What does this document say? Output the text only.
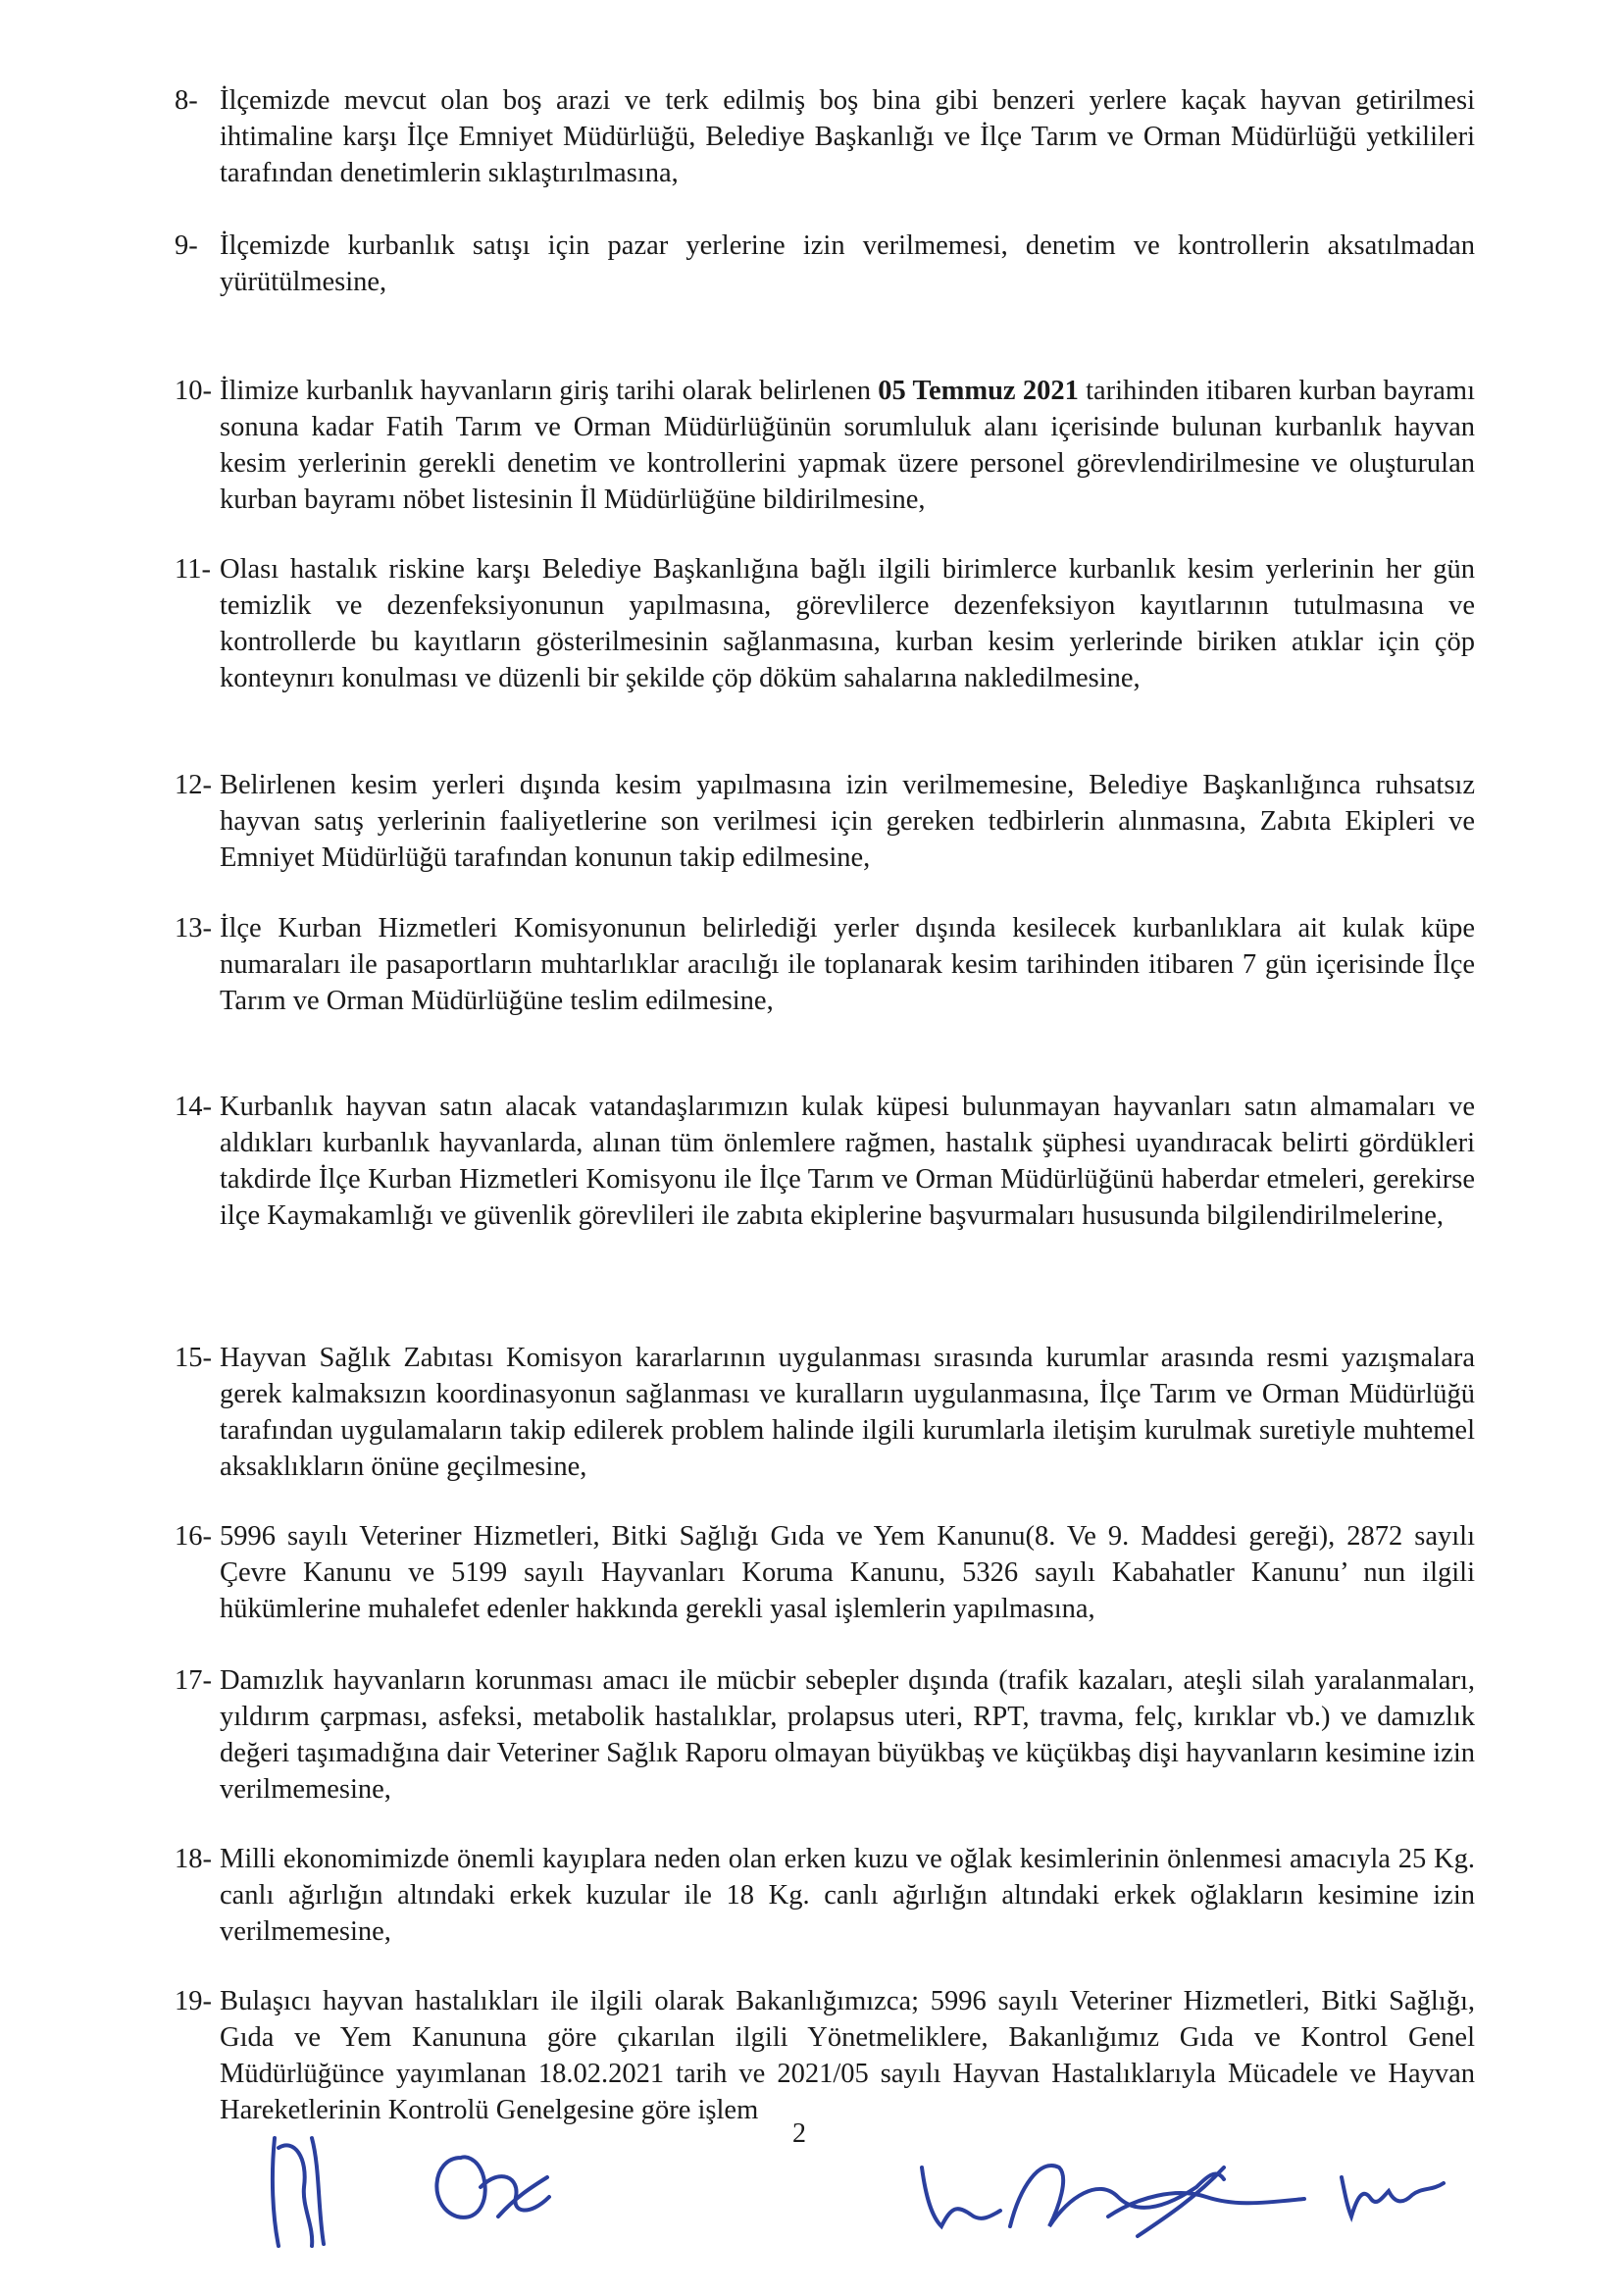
8- İlçemizde mevcut olan boş arazi ve terk edilmiş boş bina gibi benzeri yerlere kaçak hayvan getirilmesi ihtimaline karşı İlçe Emniyet Müdürlüğü, Belediye Başkanlığı ve İlçe Tarım ve Orman Müdürlüğü yetkilileri tarafından denetimlerin sıklaştırılmasına,
9- İlçemizde kurbanlık satışı için pazar yerlerine izin verilmemesi, denetim ve kontrollerin aksatılmadan yürütülmesine,
10- İlimize kurbanlık hayvanların giriş tarihi olarak belirlenen 05 Temmuz 2021 tarihinden itibaren kurban bayramı sonuna kadar Fatih Tarım ve Orman Müdürlüğünün sorumluluk alanı içerisinde bulunan kurbanlık hayvan kesim yerlerinin gerekli denetim ve kontrollerini yapmak üzere personel görevlendirilmesine ve oluşturulan kurban bayramı nöbet listesinin İl Müdürlüğüne bildirilmesine,
11- Olası hastalık riskine karşı Belediye Başkanlığına bağlı ilgili birimlerce kurbanlık kesim yerlerinin her gün temizlik ve dezenfeksiyonunun yapılmasına, görevlilerce dezenfeksiyon kayıtlarının tutulmasına ve kontrollerde bu kayıtların gösterilmesinin sağlanmasına, kurban kesim yerlerinde biriken atıklar için çöp konteynırı konulması ve düzenli bir şekilde çöp döküm sahalarına nakledilmesine,
12- Belirlenen kesim yerleri dışında kesim yapılmasına izin verilmemesine, Belediye Başkanlığınca ruhsatsız hayvan satış yerlerinin faaliyetlerine son verilmesi için gereken tedbirlerin alınmasına, Zabıta Ekipleri ve Emniyet Müdürlüğü tarafından konunun takip edilmesine,
13- İlçe Kurban Hizmetleri Komisyonunun belirlediği yerler dışında kesilecek kurbanlıklara ait kulak küpe numaraları ile pasaportların muhtarlıklar aracılığı ile toplanarak kesim tarihinden itibaren 7 gün içerisinde İlçe Tarım ve Orman Müdürlüğüne teslim edilmesine,
14- Kurbanlık hayvan satın alacak vatandaşlarımızın kulak küpesi bulunmayan hayvanları satın almamaları ve aldıkları kurbanlık hayvanlarda, alınan tüm önlemlere rağmen, hastalık şüphesi uyandıracak belirti gördükleri takdirde İlçe Kurban Hizmetleri Komisyonu ile İlçe Tarım ve Orman Müdürlüğünü haberdar etmeleri, gerekirse ilçe Kaymakamlığı ve güvenlik görevlileri ile zabıta ekiplerine başvurmaları hususunda bilgilendirilmelerine,
15- Hayvan Sağlık Zabıtası Komisyon kararlarının uygulanması sırasında kurumlar arasında resmi yazışmalara gerek kalmaksızın koordinasyonun sağlanması ve kuralların uygulanmasına, İlçe Tarım ve Orman Müdürlüğü tarafından uygulamaların takip edilerek problem halinde ilgili kurumlarla iletişim kurulmak suretiyle muhtemel aksaklıkların önüne geçilmesine,
16- 5996 sayılı Veteriner Hizmetleri, Bitki Sağlığı Gıda ve Yem Kanunu(8. Ve 9. Maddesi gereği), 2872 sayılı Çevre Kanunu ve 5199 sayılı Hayvanları Koruma Kanunu, 5326 sayılı Kabahatler Kanunu’ nun ilgili hükümlerine muhalefet edenler hakkında gerekli yasal işlemlerin yapılmasına,
17- Damızlık hayvanların korunması amacı ile mücbir sebepler dışında (trafik kazaları, ateşli silah yaralanmaları, yıldırım çarpması, asfeksi, metabolik hastalıklar, prolapsus uteri, RPT, travma, felç, kırıklar vb.) ve damızlık değeri taşımadığına dair Veteriner Sağlık Raporu olmayan büyükbaş ve küçükbaş dişi hayvanların kesimine izin verilmemesine,
18- Milli ekonomimizde önemli kayıplara neden olan erken kuzu ve oğlak kesimlerinin önlenmesi amacıyla 25 Kg. canlı ağırlığın altındaki erkek kuzular ile 18 Kg. canlı ağırlığın altındaki erkek oğlakların kesimine izin verilmemesine,
19- Bulaşıcı hayvan hastalıkları ile ilgili olarak Bakanlığımızca; 5996 sayılı Veteriner Hizmetleri, Bitki Sağlığı, Gıda ve Yem Kanununa göre çıkarılan ilgili Yönetmeliklere, Bakanlığımız Gıda ve Kontrol Genel Müdürlüğünce yayımlanan 18.02.2021 tarih ve 2021/05 sayılı Hayvan Hastalıklarıyla Mücadele ve Hayvan Hareketlerinin Kontrolü Genelgesine göre işlem
2
